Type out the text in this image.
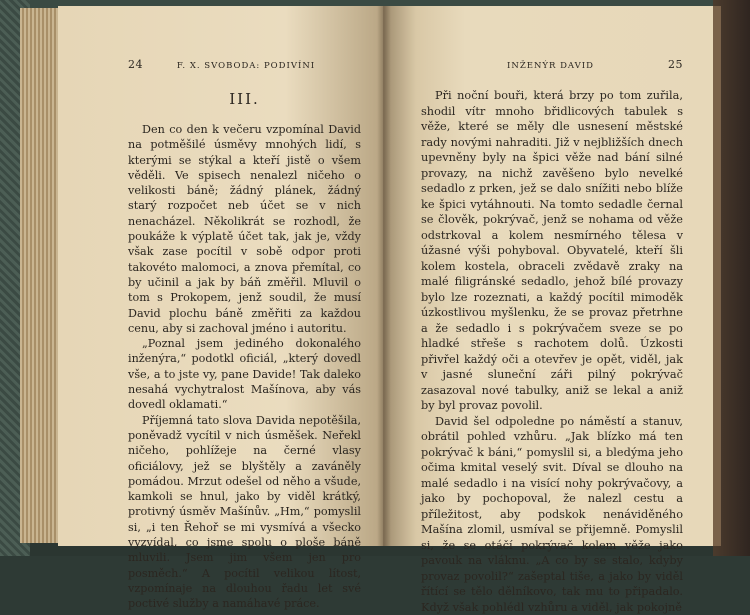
24	F. X. SVOBODA: PODIVÍNI
III.

Den co den k večeru vzpomínal David na potměšilé úsměvy mnohých lidí, s kterými se stýkal a kteří jistě o všem věděli. Ve spisech nenalezl ničeho o velikosti báně; žádný plánek, žádný starý rozpočet neb účet se v nich nenacházel. Několikrát se rozhodl, že poukáže k výplatě účet tak, jak je, vždy však zase pocítil v sobě odpor proti takovéto malomoci, a znova přemítal, co by učinil a jak by báň změřil. Mluvil o tom s Prokopem, jenž soudil, že musí David plochu báně změřiti za každou cenu, aby si zachoval jméno i autoritu.

„Poznal jsem jediného dokonalého inženýra,“ podotkl oficiál, „který dovedl vše, a to jste vy, pane Davide! Tak daleko nesahá vychytralost Mašínova, aby vás dovedl oklamati.“

Příjemná tato slova Davida nepotěšila, poněvadž vycítil v nich úsměšek. Neřekl ničeho, pohlížeje na černé vlasy oficiálovy, jež se blyštěly a zaváněly pomádou. Mrzut odešel od něho a všude, kamkoli se hnul, jako by viděl krátký, protivný úsměv Mašínův. „Hm,“ pomyslil si, „i ten Řehoř se mi vysmívá a všecko vyzvídal, co jsme spolu o ploše báně mluvili. Jsem jim všem jen pro posměch.“ A pocítil velikou lítost, vzpomínaje na dlouhou řadu let své poctivé služby a namáhavé práce.

INŽENÝR DAVID	25

Při noční bouři, která brzy po tom zuřila, shodil vítr mnoho břidlicových tabulek s věže, které se měly dle usnesení městské rady novými nahraditi. Již v nejbližších dnech upevněny byly na špici věže nad bání silné provazy, na nichž zavěšeno bylo nevelké sedadlo z prken, jež se dalo snížiti nebo blíže ke špici vytáhnouti. Na tomto sedadle černal se člověk, pokrývač, jenž se nohama od věže odstrkoval a kolem nesmírného tělesa v úžasné výši pohyboval. Obyvatelé, kteří šli kolem kostela, obraceli zvědavě zraky na malé filigránské sedadlo, jehož bílé provazy bylo lze rozeznati, a každý pocítil mimoděk úzkostlivou myšlenku, že se provaz přetrhne a že sedadlo i s pokrývačem sveze se po hladké střeše s rachotem dolů. Úzkosti přivřel každý oči a otevřev je opět, viděl, jak v jasné sluneční záři pilný pokrývač zasazoval nové tabulky, aniž se lekal a aniž by byl provaz povolil.

David šel odpoledne po náměstí a stanuv, obrátil pohled vzhůru. „Jak blízko má ten pokrývač k báni,“ pomyslil si, a bledýma jeho očima kmital veselý svit. Díval se dlouho na malé sedadlo i na visící nohy pokrývačovy, a jako by pochopoval, že nalezl cestu a příležitost, aby podskok nenáviděného Mašína zlomil, usmíval se přijemně. Pomyslil si, že se otáčí pokrývač kolem věže jako pavouk na vláknu. „A co by se stalo, kdyby provaz povolil?“ zašeptal tiše, a jako by viděl řítící se tělo dělníkovo, tak mu to připadalo. Když však pohlédl vzhůru a viděl, jak pokojně
